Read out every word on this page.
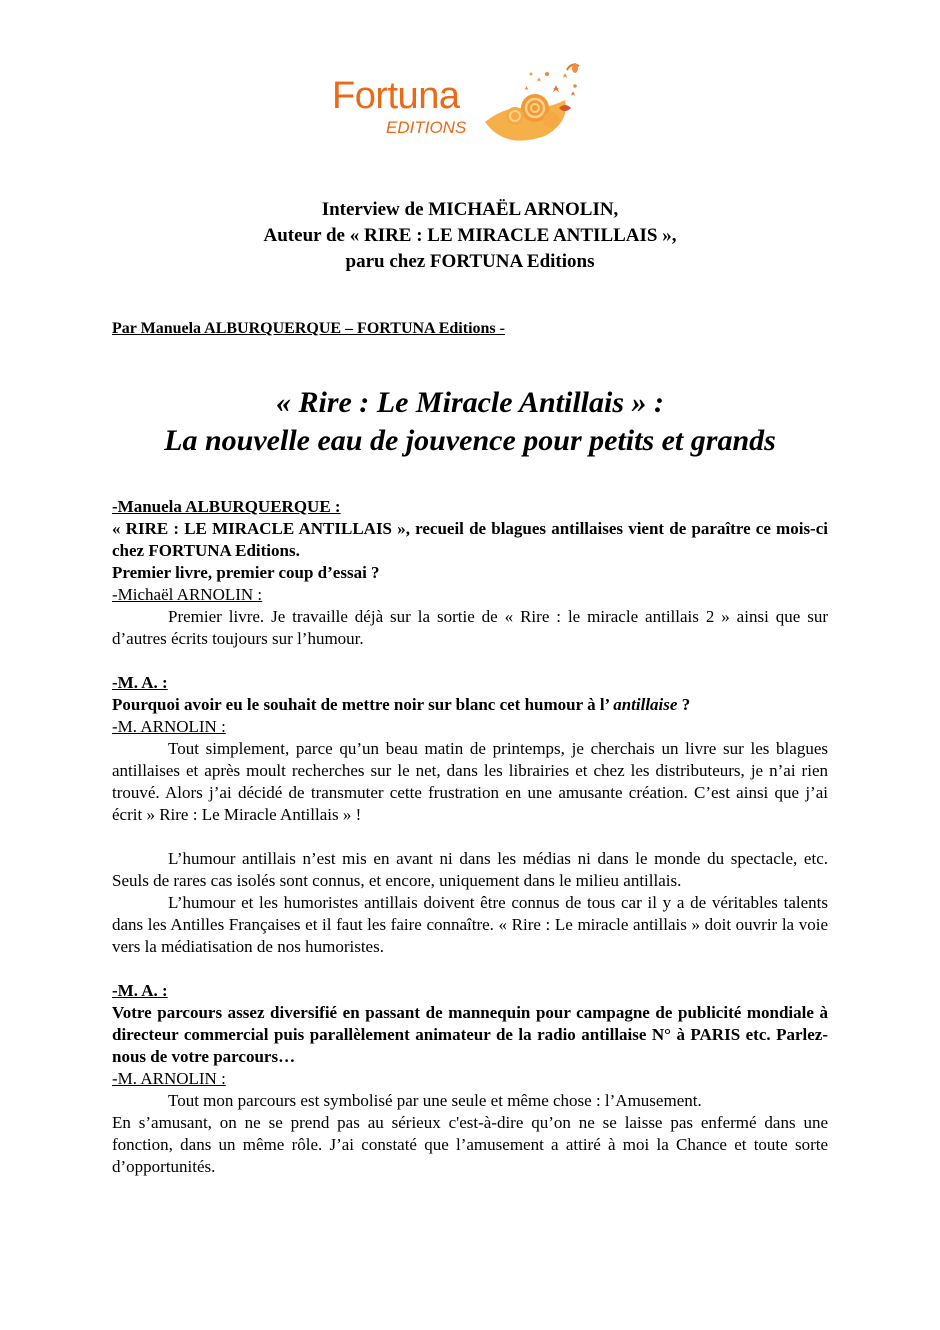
Fortuna
EDITIONS
Interview de MICHAËL ARNOLIN,
Auteur de « RIRE : LE MIRACLE ANTILLAIS »,
paru chez FORTUNA Editions
Par Manuela ALBURQUERQUE – FORTUNA Editions -
« Rire : Le Miracle Antillais » :
La nouvelle eau de jouvence pour petits et grands

-Manuela ALBURQUERQUE :

« RIRE : LE MIRACLE ANTILLAIS », recueil de blagues antillaises vient de paraître ce mois-ci chez FORTUNA Editions.

Premier livre, premier coup d’essai ?

-Michaël ARNOLIN :

Premier livre. Je travaille déjà sur la sortie de « Rire : le miracle antillais 2 » ainsi que sur d’autres écrits toujours sur l’humour.

-M. A. :

Pourquoi avoir eu le souhait de mettre noir sur blanc cet humour à l’ antillaise ?

-M. ARNOLIN :

Tout simplement, parce qu’un beau matin de printemps, je cherchais un livre sur les blagues antillaises et après moult recherches sur le net, dans les librairies et chez les distributeurs, je n’ai rien trouvé. Alors j’ai décidé de transmuter cette frustration en une amusante création. C’est ainsi que j’ai écrit » Rire : Le Miracle Antillais » !

L’humour antillais n’est mis en avant ni dans les médias ni dans le monde du spectacle, etc. Seuls de rares cas isolés sont connus, et encore, uniquement dans le milieu antillais.

L’humour et les humoristes antillais doivent être connus de tous car il y a de véritables talents dans les Antilles Françaises et il faut les faire connaître. « Rire : Le miracle antillais » doit ouvrir la voie vers la médiatisation de nos humoristes.

-M. A. :

Votre parcours assez diversifié en passant de mannequin pour campagne de publicité mondiale à directeur commercial puis parallèlement animateur de la radio antillaise N° à PARIS etc. Parlez-nous de votre parcours…

-M. ARNOLIN :

Tout mon parcours est symbolisé par une seule et même chose : l’Amusement.

En s’amusant, on ne se prend pas au sérieux c'est-à-dire qu’on ne se laisse pas enfermé dans une fonction, dans un même rôle. J’ai constaté que l’amusement a attiré à moi la Chance et toute sorte d’opportunités.
